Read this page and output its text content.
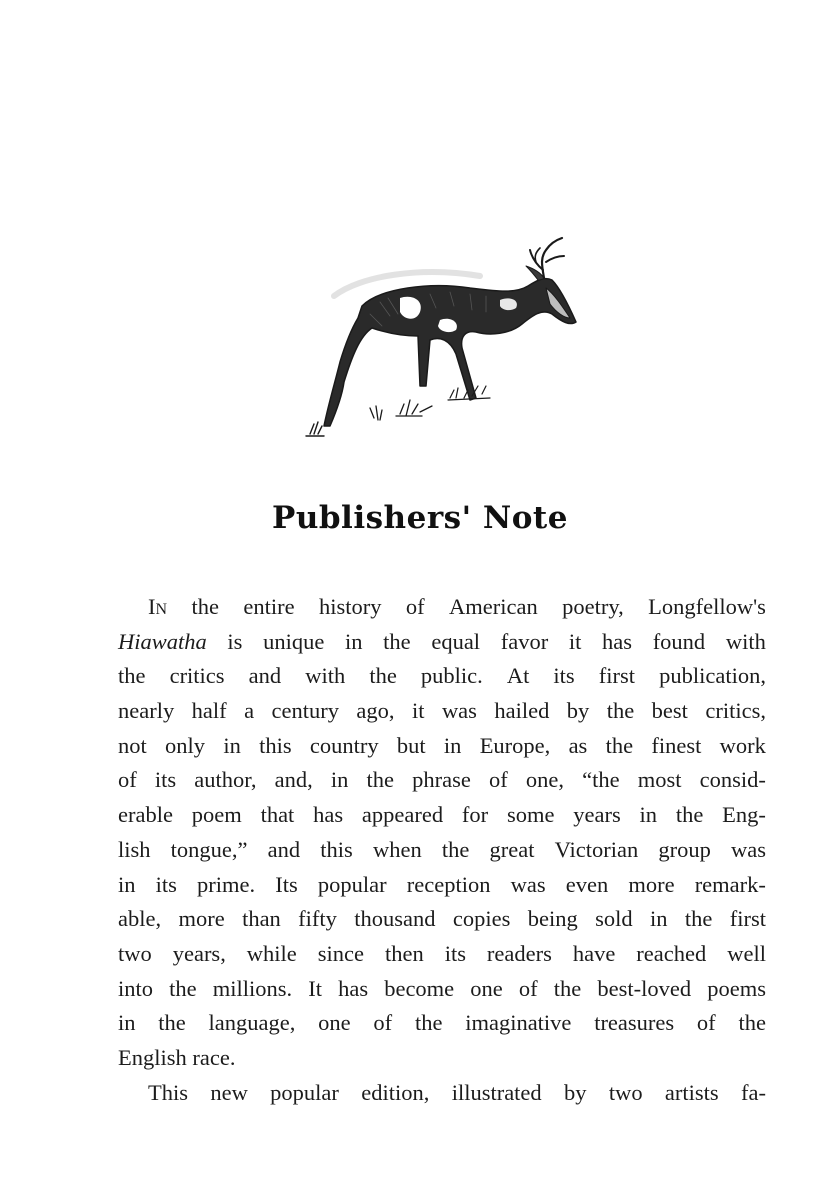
Publishers' Note
In the entire history of American poetry, Longfellow's
Hiawatha is unique in the equal favor it has found with
the critics and with the public. At its first publication,
nearly half a century ago, it was hailed by the best critics,
not only in this country but in Europe, as the finest work
of its author, and, in the phrase of one, “the most consid-
erable poem that has appeared for some years in the Eng-
lish tongue,” and this when the great Victorian group was
in its prime. Its popular reception was even more remark-
able, more than fifty thousand copies being sold in the first
two years, while since then its readers have reached well
into the millions. It has become one of the best-loved poems
in the language, one of the imaginative treasures of the
English
race.
This new popular edition, illustrated by two artists fa-
